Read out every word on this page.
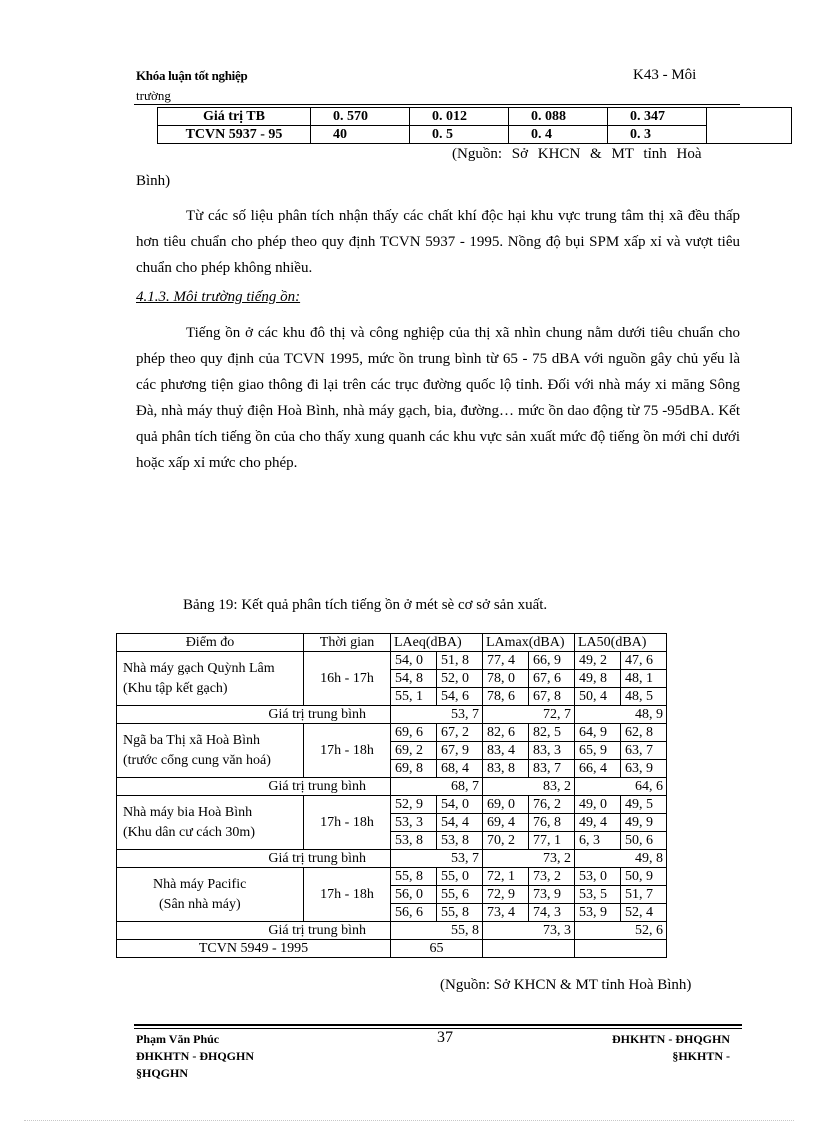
Khóa luận tốt nghiệp
trường
K43 - Môi
Giá trị TB	0. 570	0. 012	0. 088	0. 347	
TCVN 5937 - 95	40	0. 5	0. 4	0. 3	
(Nguồn: Sở KHCN & MT tỉnh Hoà
Bình)

Từ các số liệu phân tích nhận thấy các chất khí độc hại khu vực trung tâm thị xã đều thấp hơn tiêu chuẩn cho phép theo quy định TCVN 5937 - 1995. Nồng độ bụi SPM xấp xỉ và vượt tiêu chuẩn cho phép không nhiều.

4.1.3. Môi trường tiếng ồn:

Tiếng ồn ở các khu đô thị và công nghiệp của thị xã nhìn chung nằm dưới tiêu chuẩn cho phép theo quy định của TCVN 1995, mức ồn trung bình từ 65 - 75 dBA với nguồn gây chủ yếu là các phương tiện giao thông đi lại trên các trục đường quốc lộ tỉnh. Đối với nhà máy xi măng Sông Đà, nhà máy thuỷ điện Hoà Bình, nhà máy gạch, bia, đường… mức ồn dao động từ 75 -95dBA. Kết quả phân tích tiếng ồn của cho thấy xung quanh các khu vực sản xuất mức độ tiếng ồn mới chỉ dưới hoặc xấp xỉ mức cho phép.

Bảng 19: Kết quả phân tích tiếng ồn ở mét sè cơ sở sản xuất.
Điểm đo	Thời gian	LAeq(dBA)		LAmax(dBA)		LA50(dBA)	

Nhà máy gạch Quỳnh Lâm
(Khu tập kết gạch)	16h - 17h	54, 0	51, 8	77, 4	66, 9	49, 2	47, 6
		54, 8	52, 0	78, 0	67, 6	49, 8	48, 1
		55, 1	54, 6	78, 6	67, 8	50, 4	48, 5
Giá trị trung bình		53, 7		72, 7		48, 9	

Ngã ba Thị xã Hoà Bình
(trước cổng cung văn hoá)	17h - 18h	69, 6	67, 2	82, 6	82, 5	64, 9	62, 8
		69, 2	67, 9	83, 4	83, 3	65, 9	63, 7
		69, 8	68, 4	83, 8	83, 7	66, 4	63, 9
Giá trị trung bình		68, 7		83, 2		64, 6	

Nhà máy bia Hoà Bình
(Khu dân cư cách 30m)	17h - 18h	52, 9	54, 0	69, 0	76, 2	49, 0	49, 5
		53, 3	54, 4	69, 4	76, 8	49, 4	49, 9
		53, 8	53, 8	70, 2	77, 1	6, 3	50, 6
Giá trị trung bình		53, 7		73, 2		49, 8	

Nhà máy Pacific
(Sân nhà máy)	17h - 18h	55, 8	55, 0	72, 1	73, 2	53, 0	50, 9
		56, 0	55, 6	72, 9	73, 9	53, 5	51, 7
		56, 6	55, 8	73, 4	74, 3	53, 9	52, 4
Giá trị trung bình		55, 8		73, 3		52, 6	
TCVN 5949 - 1995		65					
(Nguồn: Sở KHCN & MT tỉnh Hoà Bình)
Phạm Văn Phúc
ĐHKHTN - ĐHQGHN
§HQGHN
37	ĐHKHTN - ĐHQGHN
§HKHTN -
